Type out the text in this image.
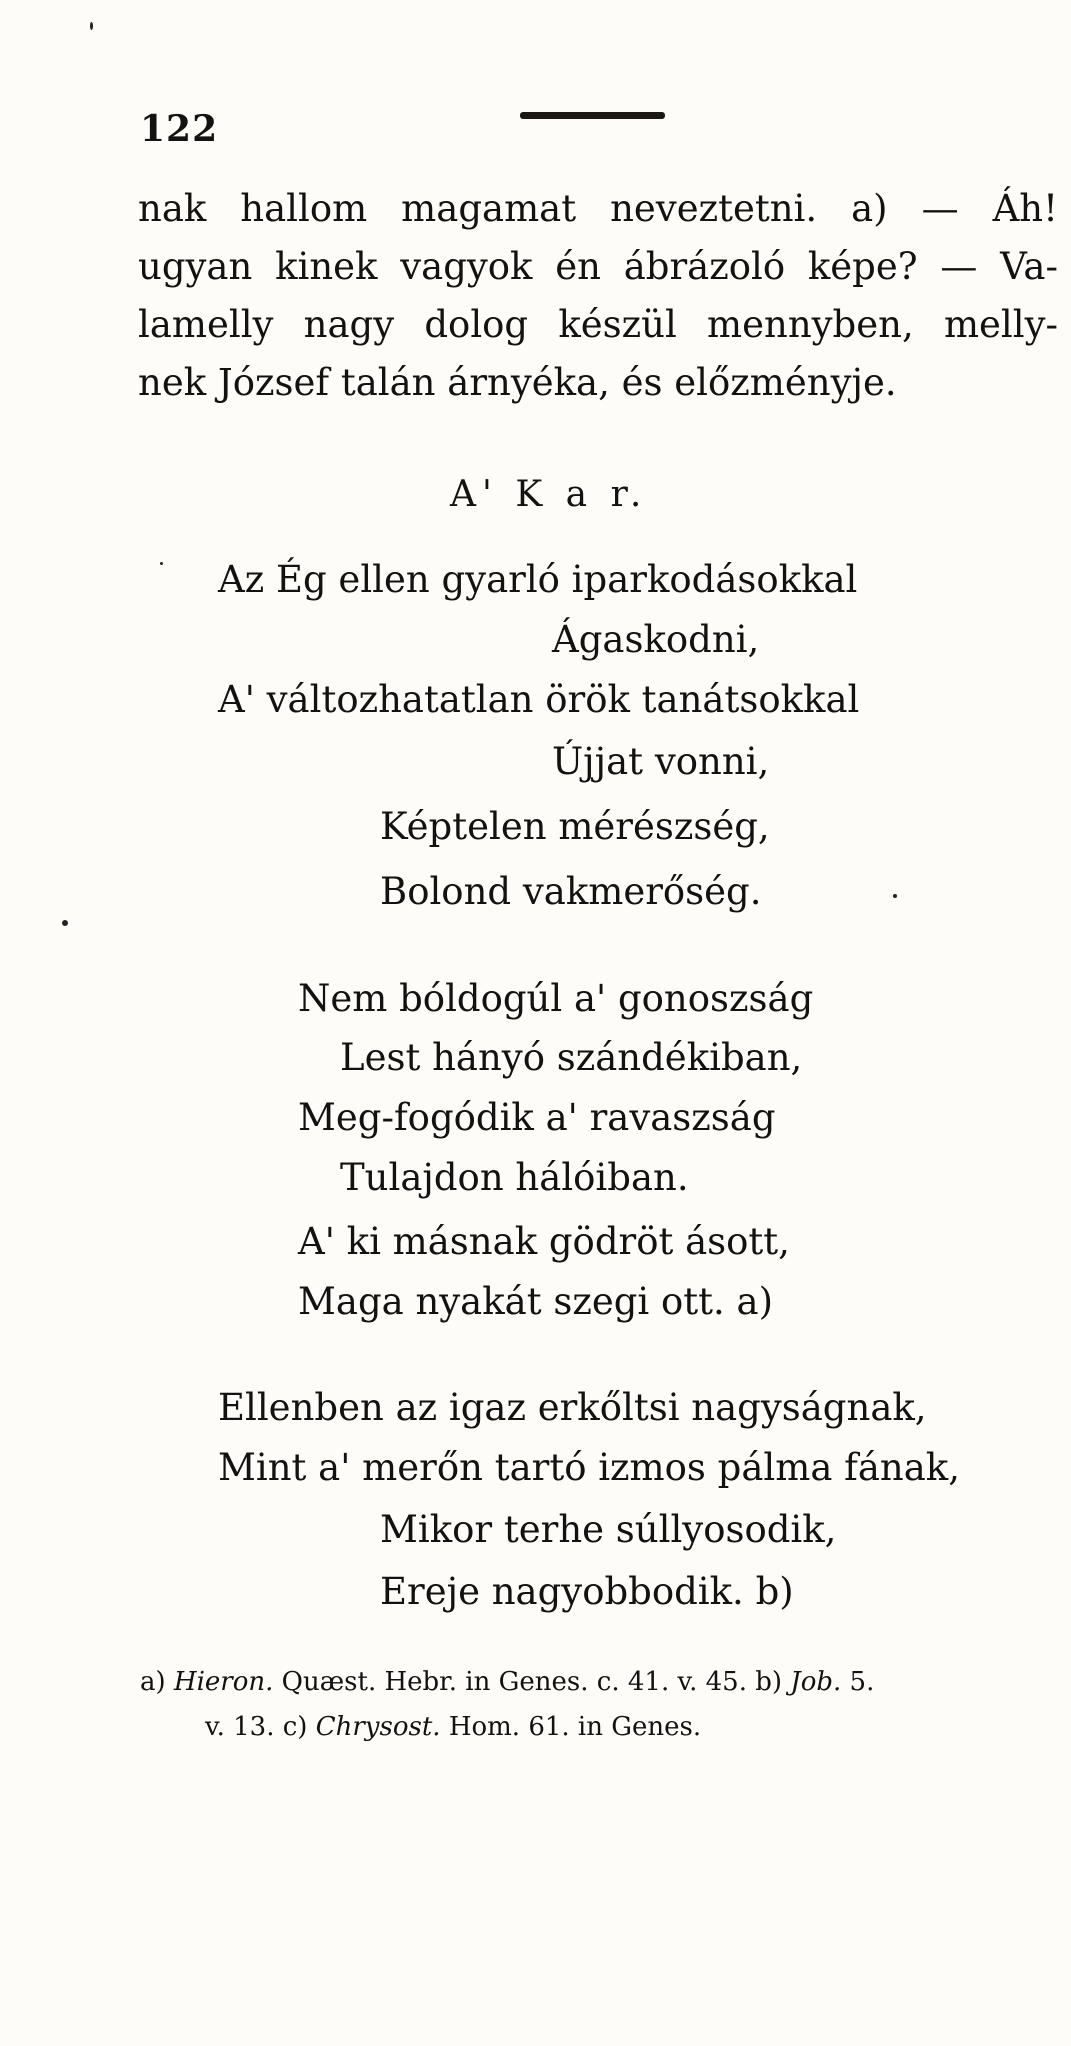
122
nak hallom magamat neveztetni. a) — Áh!
ugyan kinek vagyok én ábrázoló képe? — Va-
lamelly nagy dolog készül mennyben, melly-
nek József talán árnyéka, és előzményje.
A' K a r.
Az Ég ellen gyarló iparkodásokkal
Ágaskodni,
A' változhatatlan örök tanátsokkal
Újjat vonni,
Képtelen mérészség,
Bolond vakmerőség.
Nem bóldogúl a' gonoszság
Lest hányó szándékiban,
Meg-fogódik a' ravaszság
Tulajdon hálóiban.
A' ki másnak gödröt ásott,
Maga nyakát szegi ott. a)
Ellenben az igaz erkőltsi nagyságnak,
Mint a' merőn tartó izmos pálma fának,
Mikor terhe súllyosodik,
Ereje nagyobbodik. b)
a) Hieron. Quæst. Hebr. in Genes. c. 41. v. 45. b) Job. 5.
v. 13. c) Chrysost. Hom. 61. in Genes.
